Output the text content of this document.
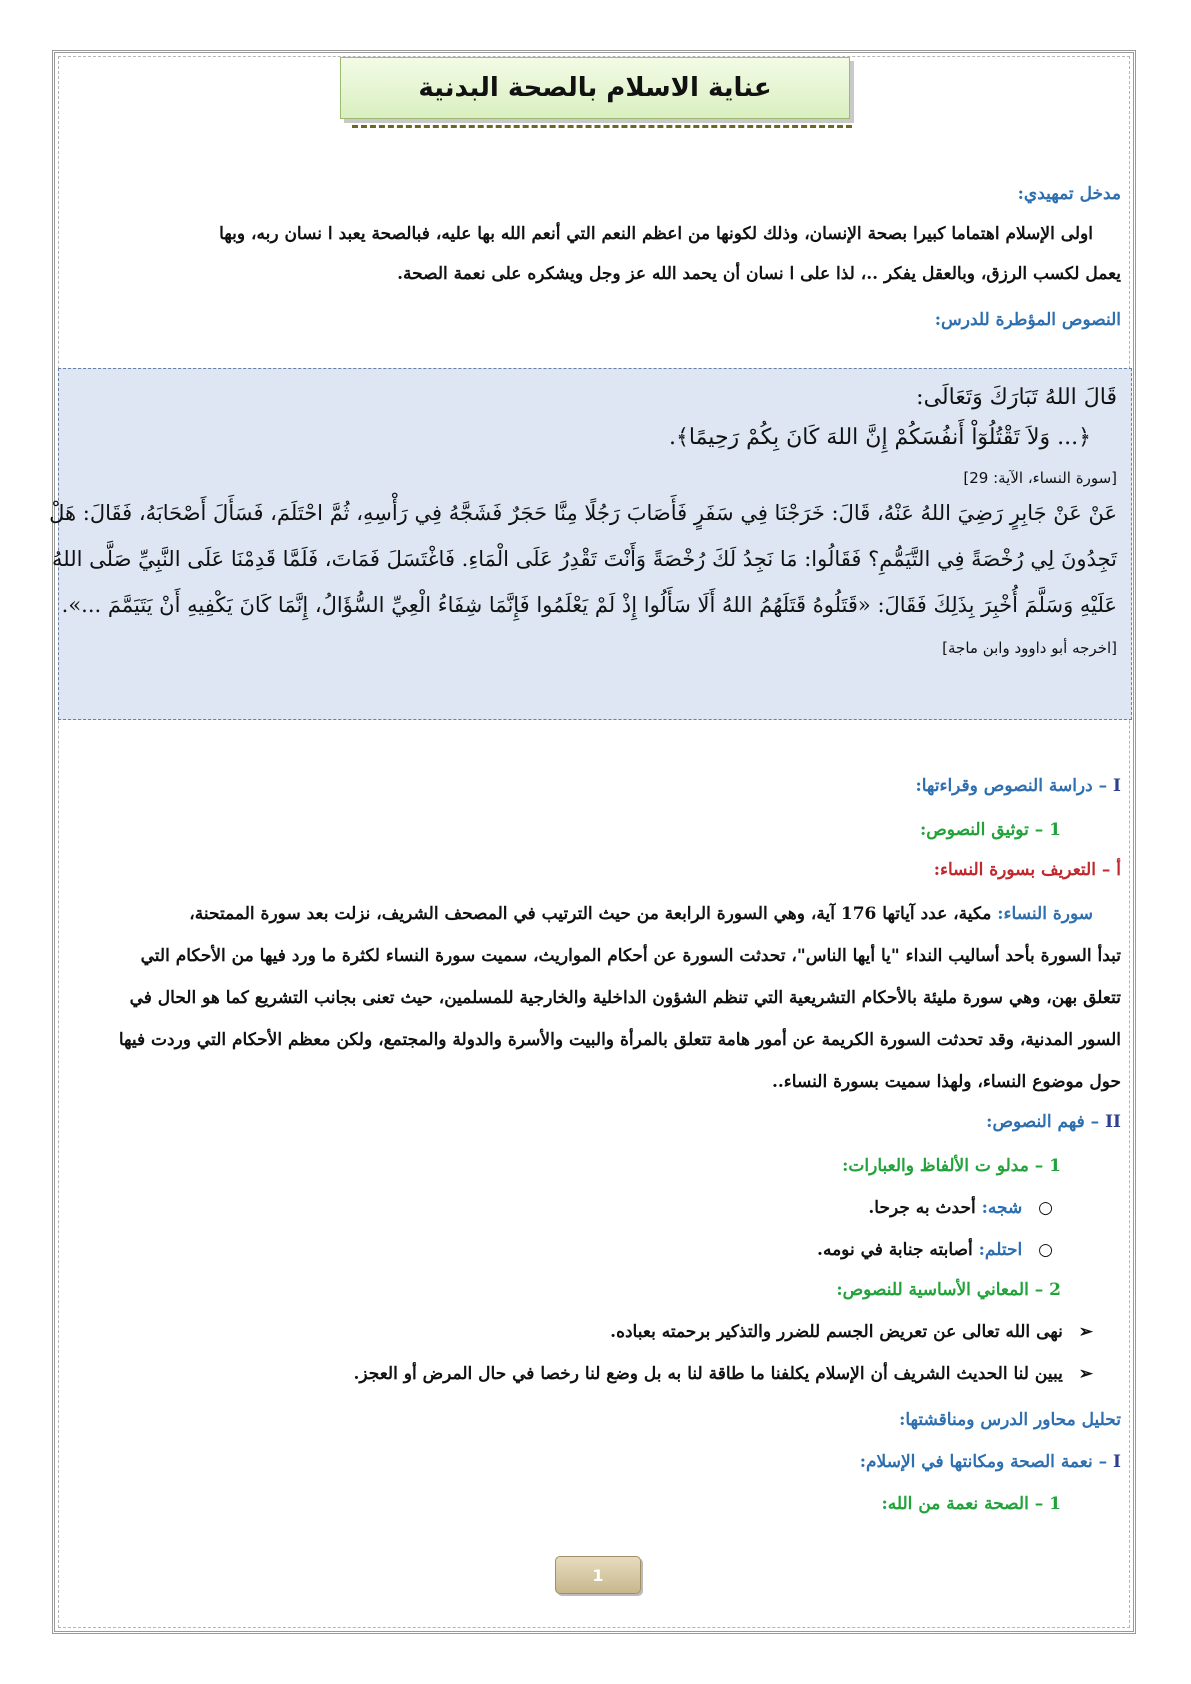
عناية الاسلام بالصحة البدنية
مدخل تمهيدي:
اولى الإسلام اهتماما كبيرا بصحة الإنسان، وذلك لكونها من اعظم النعم التي أنعم الله بها عليه، فبالصحة يعبد ا نسان ربه، وبها
يعمل لكسب الرزق، وبالعقل يفكر ..، لذا على ا نسان أن يحمد الله عز وجل ويشكره على نعمة الصحة.
النصوص المؤطرة للدرس:
قَالَ اللهُ تَبَارَكَ وَتَعَالَى:
﴿... وَلاَ تَقْتُلُوٓاْ أَنفُسَكُمْ إِنَّ اللهَ كَانَ بِكُمْ رَحِيمًا﴾.
[سورة النساء، الآية: 29]
عَنْ عَنْ جَابِرٍ رَضِيَ اللهُ عَنْهُ، قَالَ: خَرَجْنَا فِي سَفَرٍ فَأَصَابَ رَجُلًا مِنَّا حَجَرٌ فَشَجَّهُ فِي رَأْسِهِ، ثُمَّ احْتَلَمَ، فَسَأَلَ أَصْحَابَهُ، فَقَالَ: هَلْ
تَجِدُونَ لِي رُخْصَةً فِي التَّيَمُّمِ؟ فَقَالُوا: مَا نَجِدُ لَكَ رُخْصَةً وَأَنْتَ تَقْدِرُ عَلَى الْمَاءِ. فَاغْتَسَلَ فَمَاتَ، فَلَمَّا قَدِمْنَا عَلَى النَّبِيِّ صَلَّى اللهُ
عَلَيْهِ وَسَلَّمَ أُخْبِرَ بِذَلِكَ فَقَالَ: «قَتَلُوهُ قَتَلَهُمُ اللهُ أَلَا سَأَلُوا إِذْ لَمْ يَعْلَمُوا فَإِنَّمَا شِفَاءُ الْعِيِّ السُّؤَالُ، إِنَّمَا كَانَ يَكْفِيهِ أَنْ يَتَيَمَّمَ ...».
[اخرجه أبو داوود وابن ماجة]
I – دراسة النصوص وقراءتها:
1 – توثيق النصوص:
أ – التعريف بسورة النساء:
سورة النساء: مكية، عدد آياتها 176 آية، وهي السورة الرابعة من حيث الترتيب في المصحف الشريف، نزلت بعد سورة الممتحنة،
تبدأ السورة بأحد أساليب النداء "يا أيها الناس"، تحدثت السورة عن أحكام المواريث، سميت سورة النساء لكثرة ما ورد فيها من الأحكام التي
تتعلق بهن، وهي سورة مليئة بالأحكام التشريعية التي تنظم الشؤون الداخلية والخارجية للمسلمين، حيث تعنى بجانب التشريع كما هو الحال في
السور المدنية، وقد تحدثت السورة الكريمة عن أمور هامة تتعلق بالمرأة والبيت والأسرة والدولة والمجتمع، ولكن معظم الأحكام التي وردت فيها
حول موضوع النساء، ولهذا سميت بسورة النساء..
II – فهم النصوص:
1 – مدلو ت الألفاظ والعبارات:
○ شجه: أحدث به جرحا.
○ احتلم: أصابته جنابة في نومه.
2 – المعاني الأساسية للنصوص:
➢ نهى الله تعالى عن تعريض الجسم للضرر والتذكير برحمته بعباده.
➢ يبين لنا الحديث الشريف أن الإسلام يكلفنا ما طاقة لنا به بل وضع لنا رخصا في حال المرض أو العجز.
تحليل محاور الدرس ومناقشتها:
I – نعمة الصحة ومكانتها في الإسلام:
1 – الصحة نعمة من الله:
1
